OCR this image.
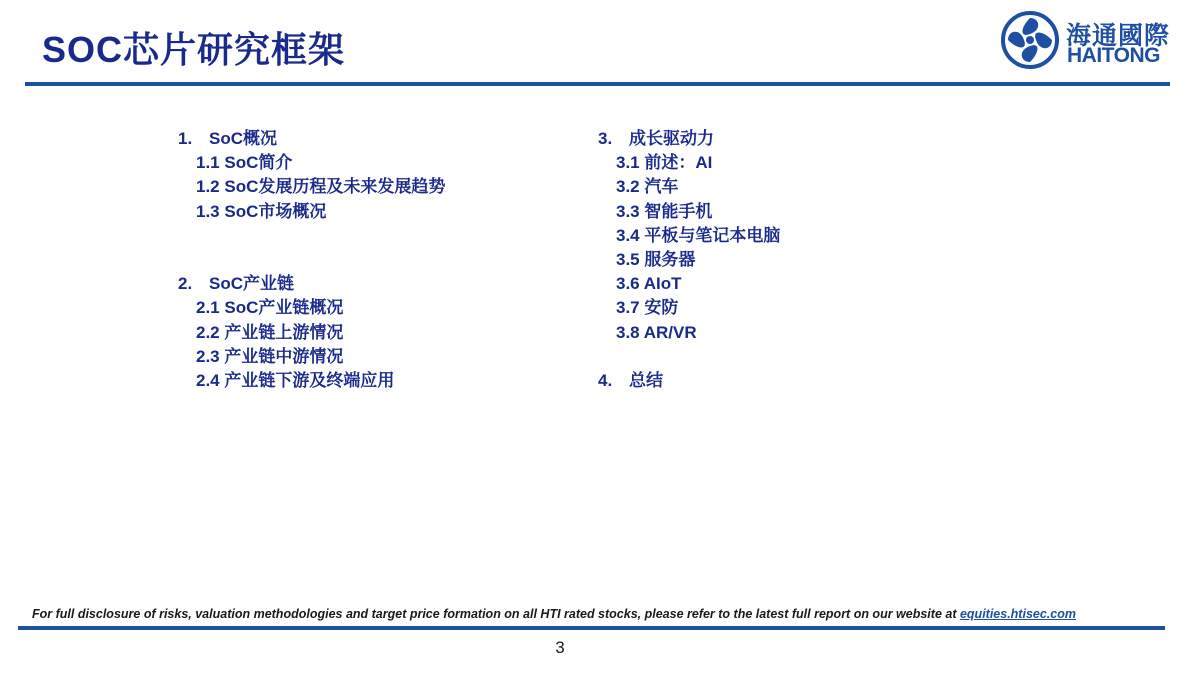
SOC芯片研究框架	海通國際
HAITONG
1. SoC概况
1.1 SoC简介
1.2 SoC发展历程及未来发展趋势
1.3 SoC市场概况
2. SoC产业链
2.1 SoC产业链概况
2.2 产业链上游情况
2.3 产业链中游情况
2.4 产业链下游及终端应用
3. 成长驱动力
3.1 前述：AI
3.2 汽车
3.3 智能手机
3.4 平板与笔记本电脑
3.5 服务器
3.6 AIoT
3.7 安防
3.8 AR/VR
4. 总结
For full disclosure of risks, valuation methodologies and target price formation on all HTI rated stocks, please refer to the latest full report on our website at equities.htisec.com
3
